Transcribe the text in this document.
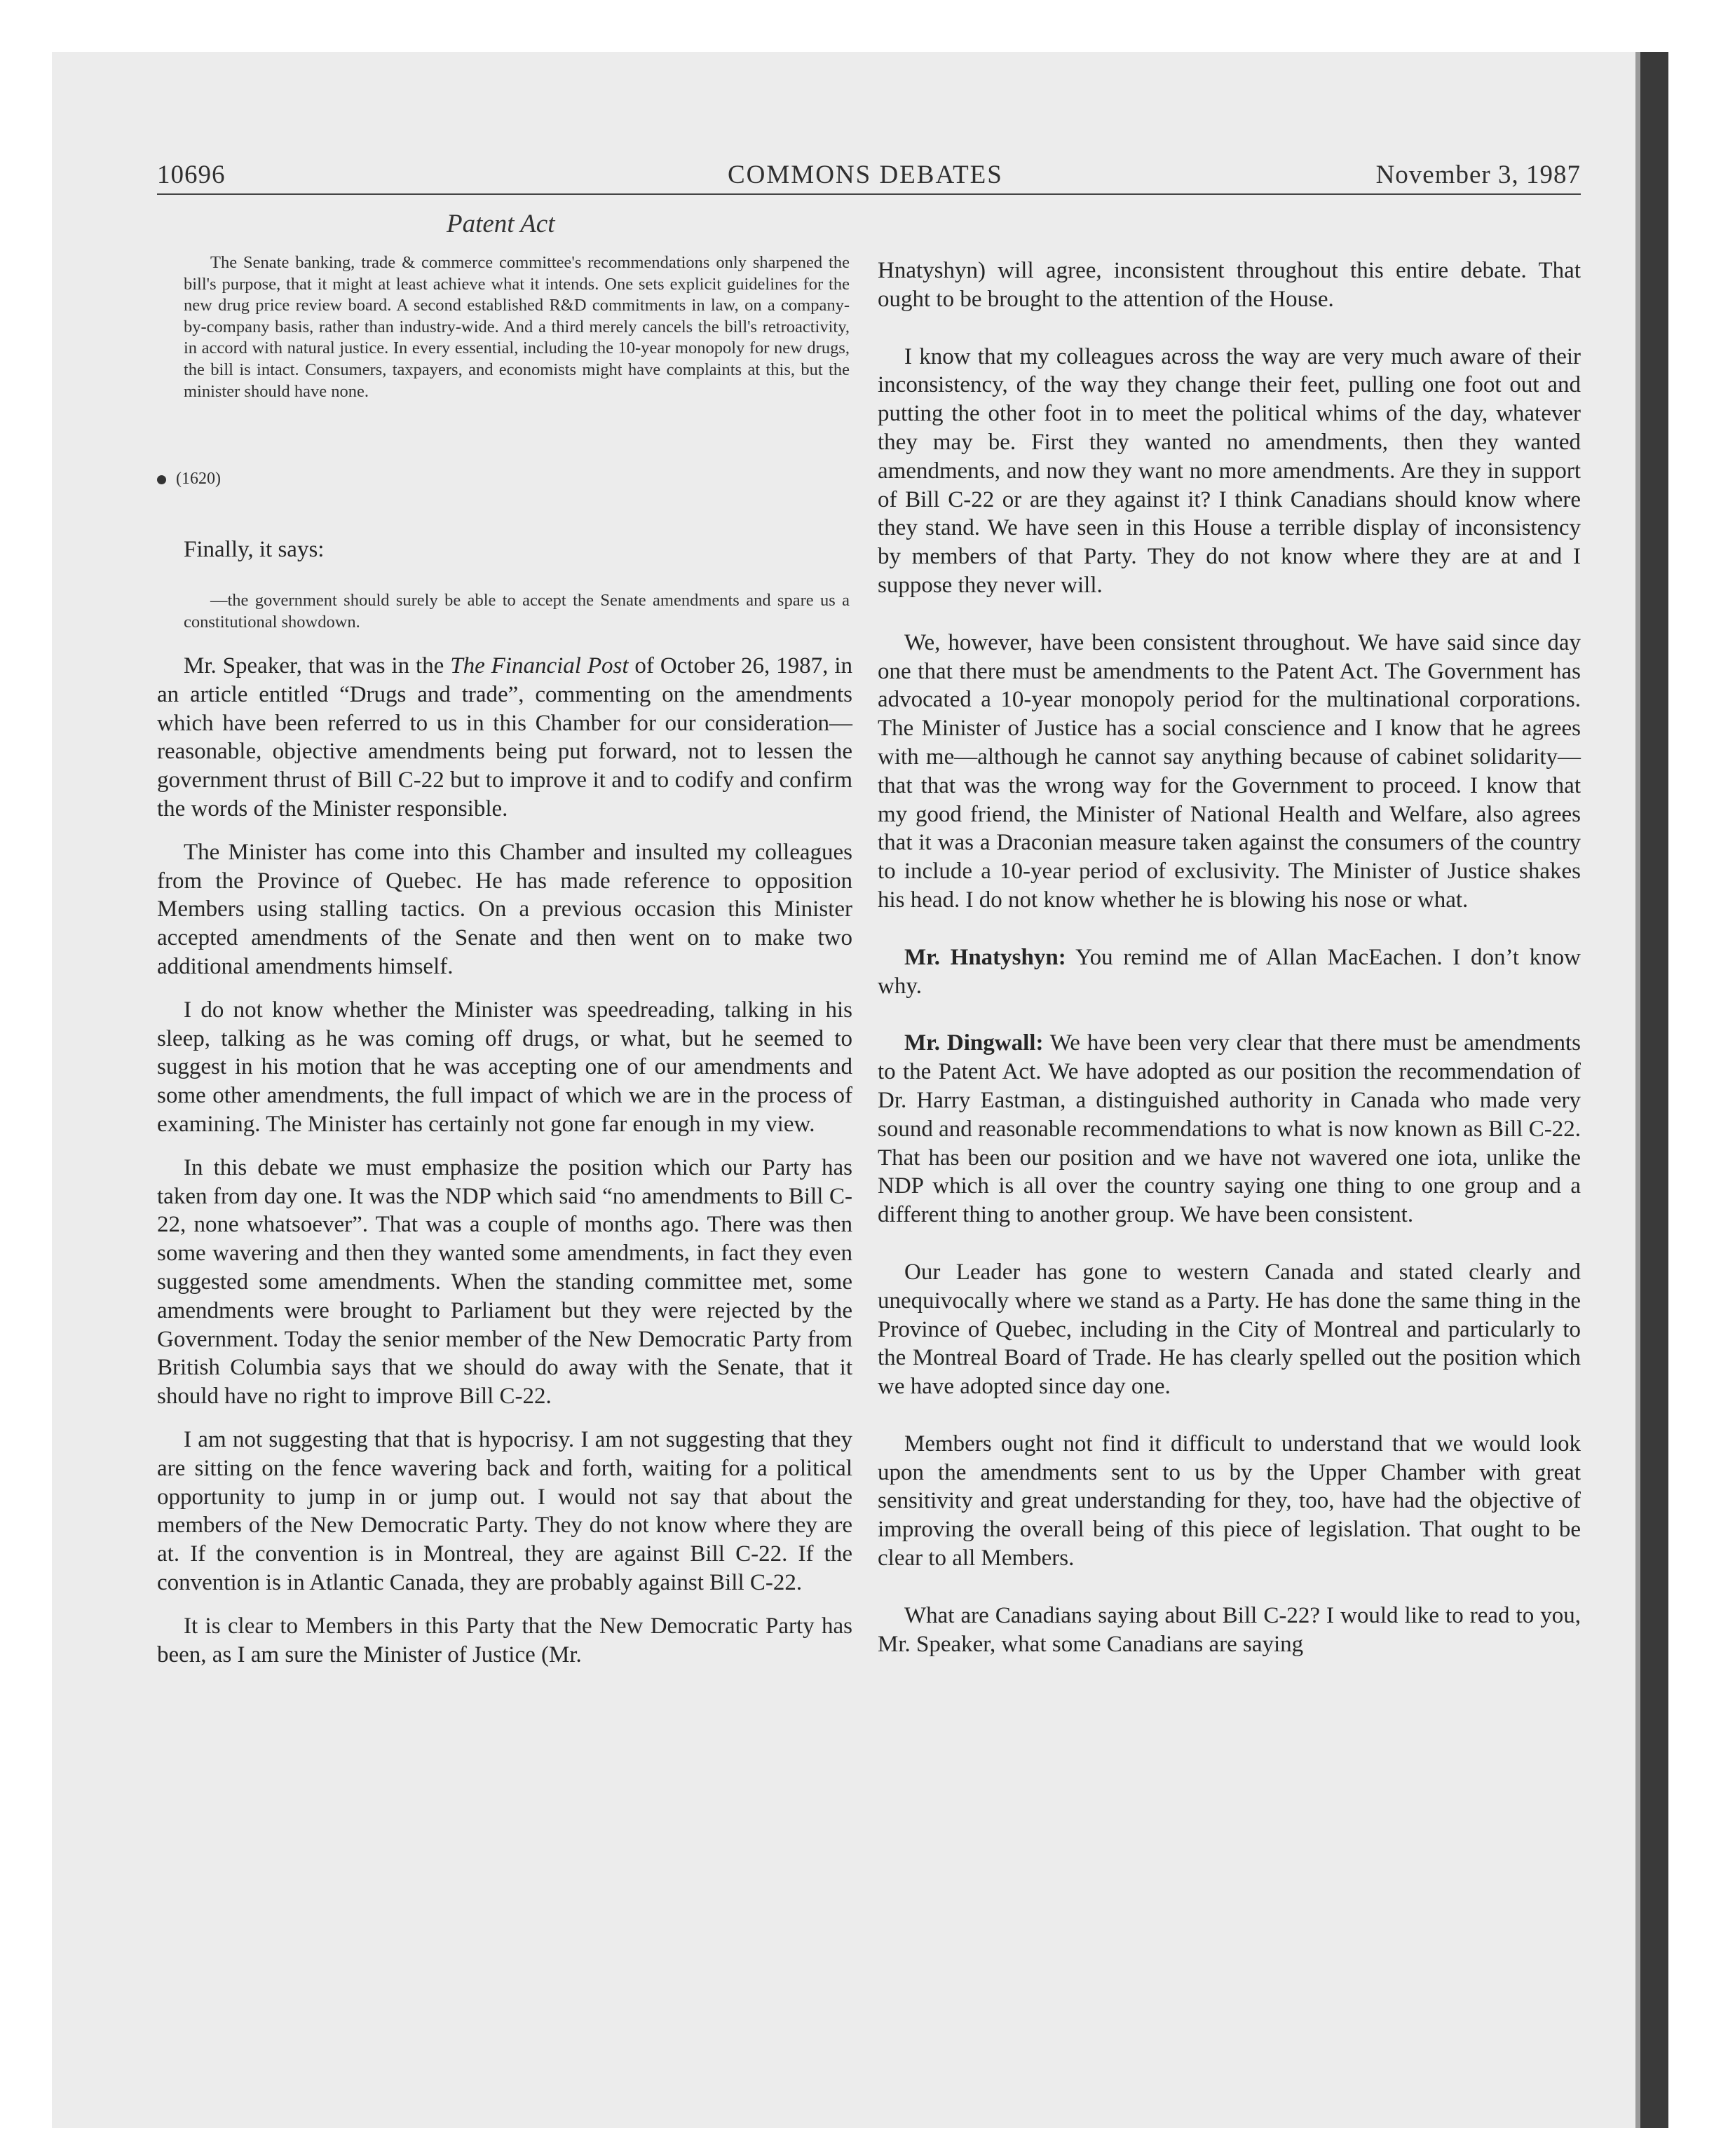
10696	COMMONS DEBATES	November 3, 1987
Patent Act

The Senate banking, trade & commerce committee's recommendations only sharpened the bill's purpose, that it might at least achieve what it intends. One sets explicit guidelines for the new drug price review board. A second established R&D commitments in law, on a company-by-company basis, rather than industry-wide. And a third merely cancels the bill's retroactivity, in accord with natural justice. In every essential, including the 10-year monopoly for new drugs, the bill is intact. Consumers, taxpayers, and economists might have complaints at this, but the minister should have none.

(1620)
Finally, it says:

—the government should surely be able to accept the Senate amendments and spare us a constitutional showdown.

Mr. Speaker, that was in the The Financial Post of October 26, 1987, in an article entitled “Drugs and trade”, commenting on the amendments which have been referred to us in this Chamber for our consideration—reasonable, objective amendments being put forward, not to lessen the government thrust of Bill C-22 but to improve it and to codify and confirm the words of the Minister responsible.

The Minister has come into this Chamber and insulted my colleagues from the Province of Quebec. He has made reference to opposition Members using stalling tactics. On a previous occasion this Minister accepted amendments of the Senate and then went on to make two additional amendments himself.

I do not know whether the Minister was speedreading, talking in his sleep, talking as he was coming off drugs, or what, but he seemed to suggest in his motion that he was accepting one of our amendments and some other amendments, the full impact of which we are in the process of examining. The Minister has certainly not gone far enough in my view.

In this debate we must emphasize the position which our Party has taken from day one. It was the NDP which said “no amendments to Bill C-22, none whatsoever”. That was a couple of months ago. There was then some wavering and then they wanted some amendments, in fact they even suggested some amendments. When the standing committee met, some amendments were brought to Parliament but they were rejected by the Government. Today the senior member of the New Democratic Party from British Columbia says that we should do away with the Senate, that it should have no right to improve Bill C-22.

I am not suggesting that that is hypocrisy. I am not suggesting that they are sitting on the fence wavering back and forth, waiting for a political opportunity to jump in or jump out. I would not say that about the members of the New Democratic Party. They do not know where they are at. If the convention is in Montreal, they are against Bill C-22. If the convention is in Atlantic Canada, they are probably against Bill C-22.

It is clear to Members in this Party that the New Democratic Party has been, as I am sure the Minister of Justice (Mr.

Hnatyshyn) will agree, inconsistent throughout this entire debate. That ought to be brought to the attention of the House.

I know that my colleagues across the way are very much aware of their inconsistency, of the way they change their feet, pulling one foot out and putting the other foot in to meet the political whims of the day, whatever they may be. First they wanted no amendments, then they wanted amendments, and now they want no more amendments. Are they in support of Bill C-22 or are they against it? I think Canadians should know where they stand. We have seen in this House a terrible display of inconsistency by members of that Party. They do not know where they are at and I suppose they never will.

We, however, have been consistent throughout. We have said since day one that there must be amendments to the Patent Act. The Government has advocated a 10-year monopoly period for the multinational corporations. The Minister of Justice has a social conscience and I know that he agrees with me—although he cannot say anything because of cabinet solidarity—that that was the wrong way for the Government to proceed. I know that my good friend, the Minister of National Health and Welfare, also agrees that it was a Draconian measure taken against the consumers of the country to include a 10-year period of exclusivity. The Minister of Justice shakes his head. I do not know whether he is blowing his nose or what.

Mr. Hnatyshyn: You remind me of Allan MacEachen. I don’t know why.

Mr. Dingwall: We have been very clear that there must be amendments to the Patent Act. We have adopted as our position the recommendation of Dr. Harry Eastman, a distinguished authority in Canada who made very sound and reasonable recommendations to what is now known as Bill C-22. That has been our position and we have not wavered one iota, unlike the NDP which is all over the country saying one thing to one group and a different thing to another group. We have been consistent.

Our Leader has gone to western Canada and stated clearly and unequivocally where we stand as a Party. He has done the same thing in the Province of Quebec, including in the City of Montreal and particularly to the Montreal Board of Trade. He has clearly spelled out the position which we have adopted since day one.

Members ought not find it difficult to understand that we would look upon the amendments sent to us by the Upper Chamber with great sensitivity and great understanding for they, too, have had the objective of improving the overall being of this piece of legislation. That ought to be clear to all Members.

What are Canadians saying about Bill C-22? I would like to read to you, Mr. Speaker, what some Canadians are saying
